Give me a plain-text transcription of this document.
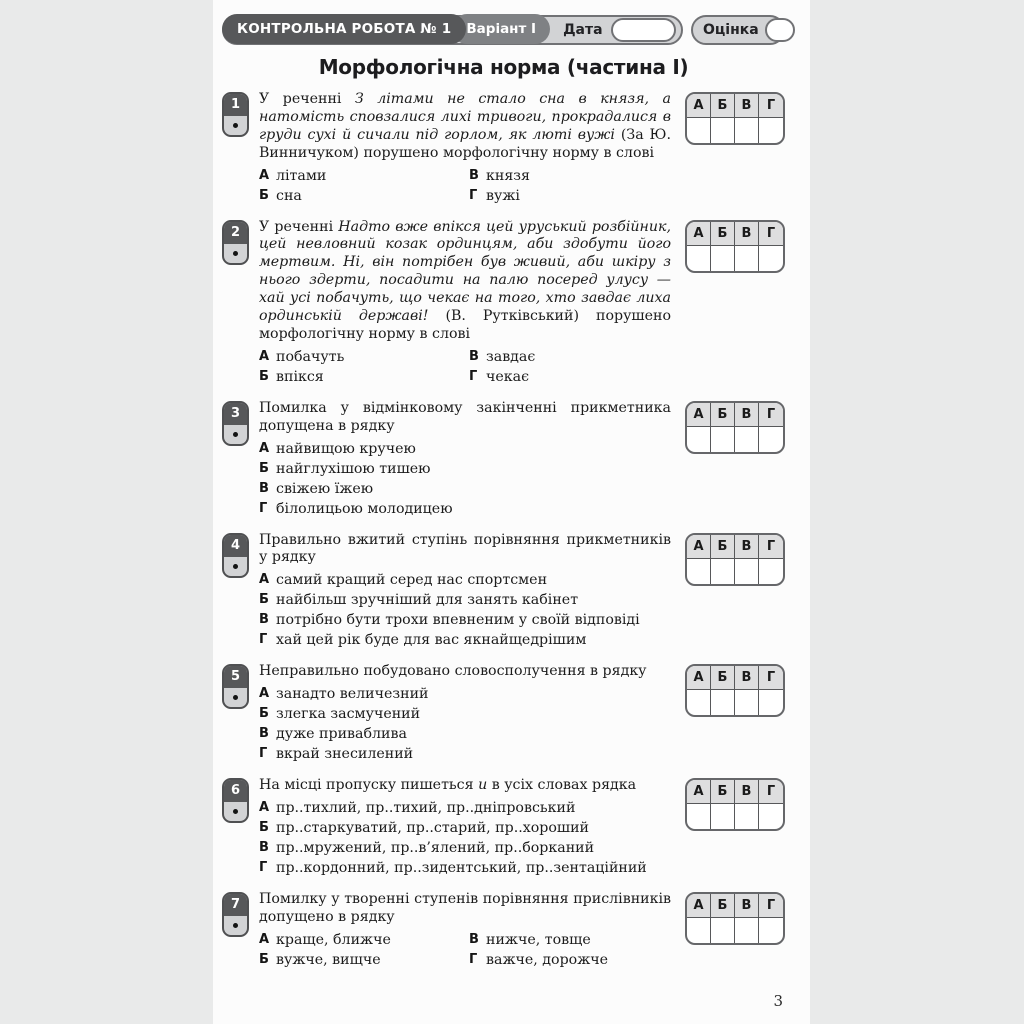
КОНТРОЛЬНА РОБОТА № 1	Варіант I	Дата	Оцінка
Морфологічна норма (частина I)
1	У реченні З літами не стало сна в князя, а натомість сповзалися лихі тривоги, прокрадалися в груди сухі й сичали під горлом, як люті вужі (За Ю. Винничуком) порушено морфологічну норму в слові
А літами	В князя
Б сна	Г вужі
А	Б	В	Г
2	У реченні Надто вже впікся цей уруський розбійник, цей невловний козак ординцям, аби здобути його мертвим. Ні, він потрібен був живий, аби шкіру з нього здерти, посадити на палю посеред улусу — хай усі побачуть, що чекає на того, хто завдає лиха ординській державі! (В. Рутківський) порушено морфологічну норму в слові
А побачуть	В завдає
Б впікся	Г чекає
А	Б	В	Г
3	Помилка у відмінковому закінченні прикметника допущена в рядку
А найвищою кручею
Б найглухішою тишею
В свіжею їжею
Г білолицьою молодицею
А	Б	В	Г
4	Правильно вжитий ступінь порівняння прикметників у рядку
А самий кращий серед нас спортсмен
Б найбільш зручніший для занять кабінет
В потрібно бути трохи впевненим у своїй відповіді
Г хай цей рік буде для вас якнайщедрішим
А	Б	В	Г
5	Неправильно побудовано словосполучення в рядку
А занадто величезний
Б злегка засмучений
В дуже приваблива
Г вкрай знесилений
А	Б	В	Г
6	На місці пропуску пишеться и в усіх словах рядка
А пр..тихлий, пр..тихий, пр..дніпровський
Б пр..старкуватий, пр..старий, пр..хороший
В пр..мружений, пр..в’ялений, пр..борканий
Г пр..кордонний, пр..зидентський, пр..зентаційний
А	Б	В	Г
7	Помилку у творенні ступенів порівняння прислівників допущено в рядку
А краще, ближче	В нижче, товще
Б вужче, вищче	Г важче, дорожче
А	Б	В	Г
3
